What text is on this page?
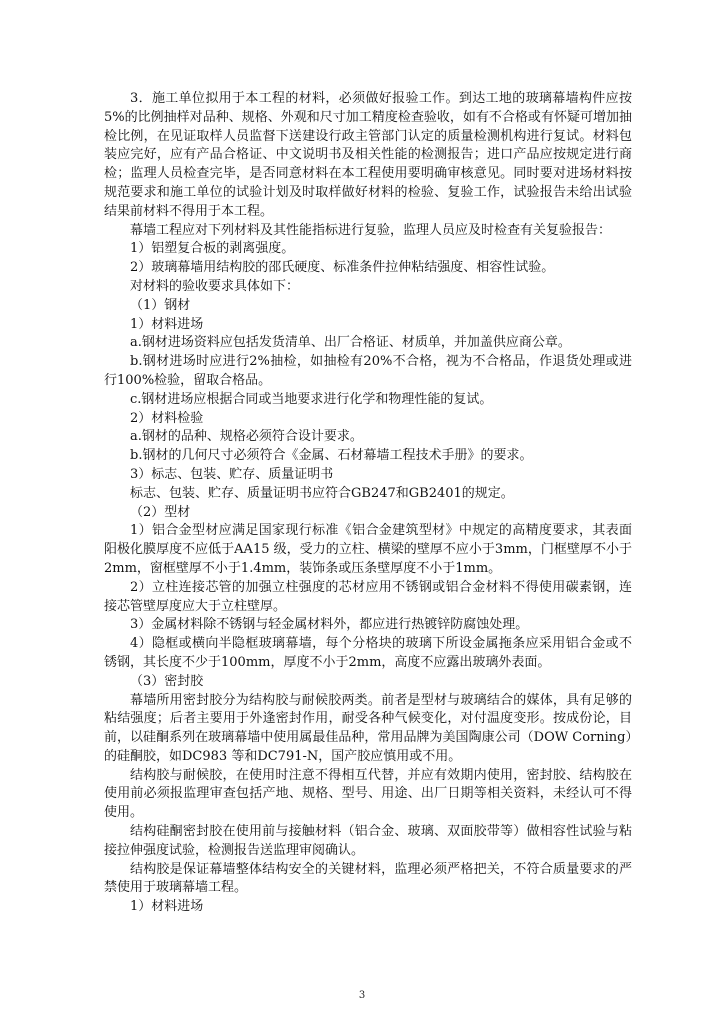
3．施工单位拟用于本工程的材料，必须做好报验工作。到达工地的玻璃幕墙构件应按5%的比例抽样对品种、规格、外观和尺寸加工精度检查验收，如有不合格或有怀疑可增加抽检比例，在见证取样人员监督下送建设行政主管部门认定的质量检测机构进行复试。材料包装应完好，应有产品合格证、中文说明书及相关性能的检测报告；进口产品应按规定进行商检；监理人员检查完毕，是否同意材料在本工程使用要明确审核意见。同时要对进场材料按规范要求和施工单位的试验计划及时取样做好材料的检验、复验工作，试验报告未给出试验结果前材料不得用于本工程。

幕墙工程应对下列材料及其性能指标进行复验，监理人员应及时检查有关复验报告：

1）铝塑复合板的剥离强度。

2）玻璃幕墙用结构胶的邵氏硬度、标准条件拉伸粘结强度、相容性试验。

对材料的验收要求具体如下：

（1）钢材

1）材料进场

a.钢材进场资料应包括发货清单、出厂合格证、材质单，并加盖供应商公章。

b.钢材进场时应进行2%抽检，如抽检有20%不合格，视为不合格品，作退货处理或进行100%检验，留取合格品。

c.钢材进场应根据合同或当地要求进行化学和物理性能的复试。

2）材料检验

a.钢材的品种、规格必须符合设计要求。

b.钢材的几何尺寸必须符合《金属、石材幕墙工程技术手册》的要求。

3）标志、包装、贮存、质量证明书

标志、包装、贮存、质量证明书应符合GB247和GB2401的规定。

（2）型材

1）铝合金型材应满足国家现行标准《铝合金建筑型材》中规定的高精度要求，其表面阳极化膜厚度不应低于AA15 级，受力的立柱、横梁的壁厚不应小于3mm，门框壁厚不小于2mm，窗框壁厚不小于1.4mm，装饰条或压条壁厚度不小于1mm。

2）立柱连接芯管的加强立柱强度的芯材应用不锈钢或铝合金材料不得使用碳素钢，连接芯管壁厚度应大于立柱壁厚。

3）金属材料除不锈钢与轻金属材料外，都应进行热镀锌防腐蚀处理。

4）隐框或横向半隐框玻璃幕墙，每个分格块的玻璃下所设金属拖条应采用铝合金或不锈钢，其长度不少于100mm，厚度不小于2mm，高度不应露出玻璃外表面。

（3）密封胶

幕墙所用密封胶分为结构胶与耐候胶两类。前者是型材与玻璃结合的媒体，具有足够的粘结强度；后者主要用于外逢密封作用，耐受各种气候变化，对付温度变形。按成份论，目前，以硅酮系列在玻璃幕墙中使用属最佳品种，常用品牌为美国陶康公司（DOW Corning）的硅酮胶，如DC983 等和DC791-N，国产胶应慎用或不用。

结构胶与耐候胶，在使用时注意不得相互代替，并应有效期内使用，密封胶、结构胶在使用前必须报监理审查包括产地、规格、型号、用途、出厂日期等相关资料，未经认可不得使用。

结构硅酮密封胶在使用前与接触材料（铝合金、玻璃、双面胶带等）做相容性试验与粘接拉伸强度试验，检测报告送监理审阅确认。

结构胶是保证幕墙整体结构安全的关键材料，监理必须严格把关，不符合质量要求的严禁使用于玻璃幕墙工程。

1）材料进场

3
